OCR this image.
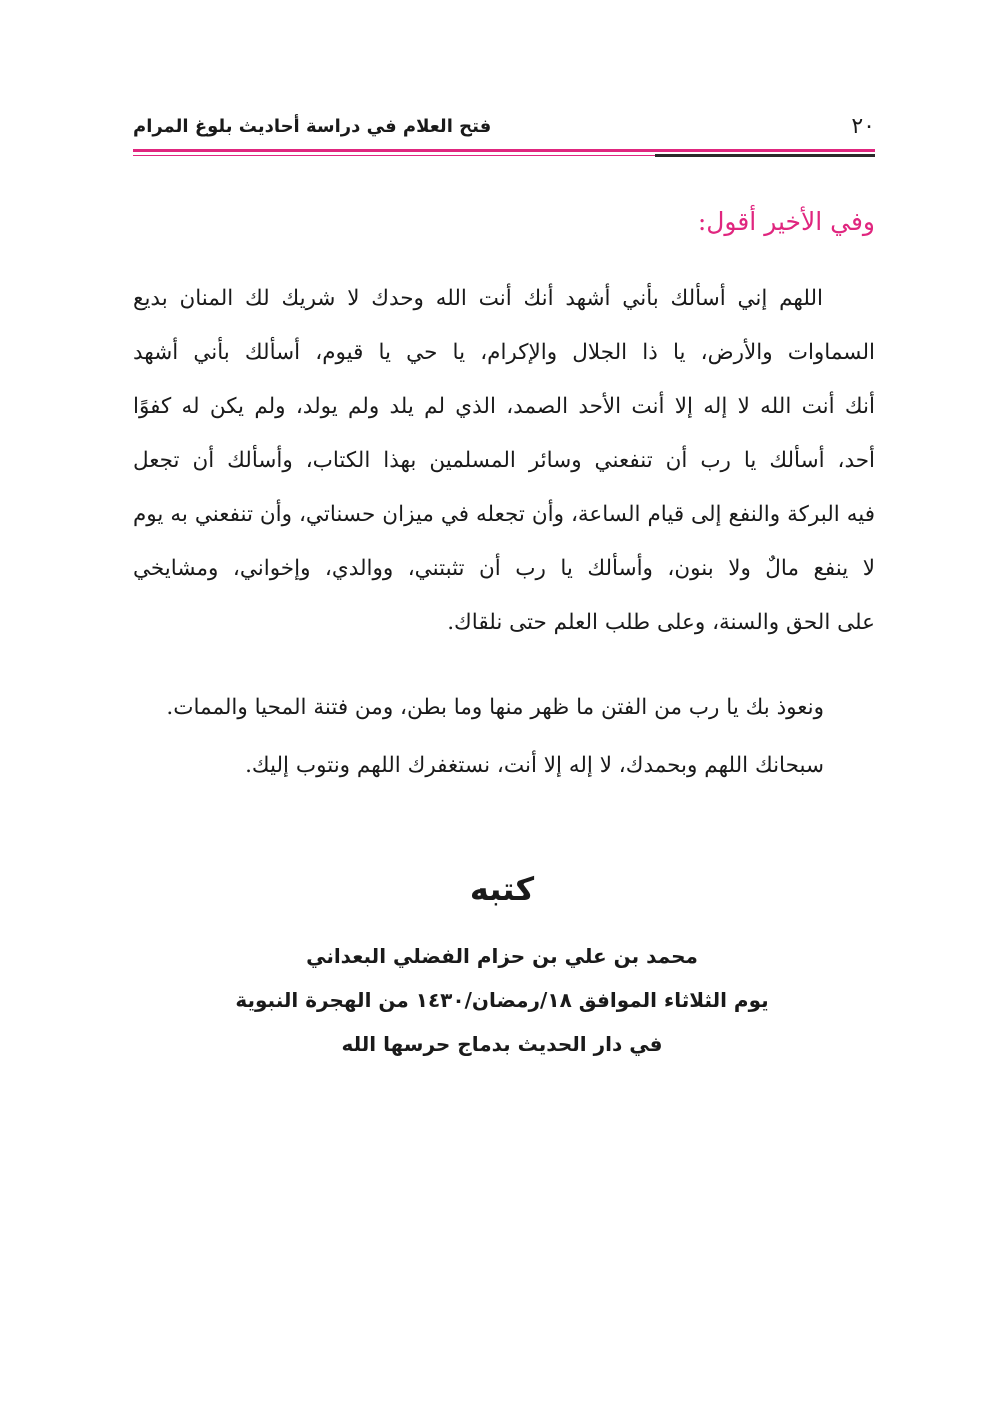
٢٠
فتح العلام في دراسة أحاديث بلوغ المرام
وفي الأخير أقول:
اللهم إني أسألك بأني أشهد أنك أنت الله وحدك لا شريك لك المنان بديع
السماوات والأرض، يا ذا الجلال والإكرام، يا حي يا قيوم، أسألك بأني أشهد
أنك أنت الله لا إله إلا أنت الأحد الصمد، الذي لم يلد ولم يولد، ولم يكن له كفوًا
أحد، أسألك يا رب أن تنفعني وسائر المسلمين بهذا الكتاب، وأسألك أن تجعل
فيه البركة والنفع إلى قيام الساعة، وأن تجعله في ميزان حسناتي، وأن تنفعني به يوم
لا ينفع مالٌ ولا بنون، وأسألك يا رب أن تثبتني، ووالدي، وإخواني، ومشايخي
على الحق والسنة، وعلى طلب العلم حتى نلقاك.
ونعوذ بك يا رب من الفتن ما ظهر منها وما بطن، ومن فتنة المحيا والممات.
سبحانك اللهم وبحمدك، لا إله إلا أنت، نستغفرك اللهم ونتوب إليك.
كتبه
محمد بن علي بن حزام الفضلي البعداني
يوم الثلاثاء الموافق ١٨/رمضان/١٤٣٠ من الهجرة النبوية
في دار الحديث بدماج حرسها الله
